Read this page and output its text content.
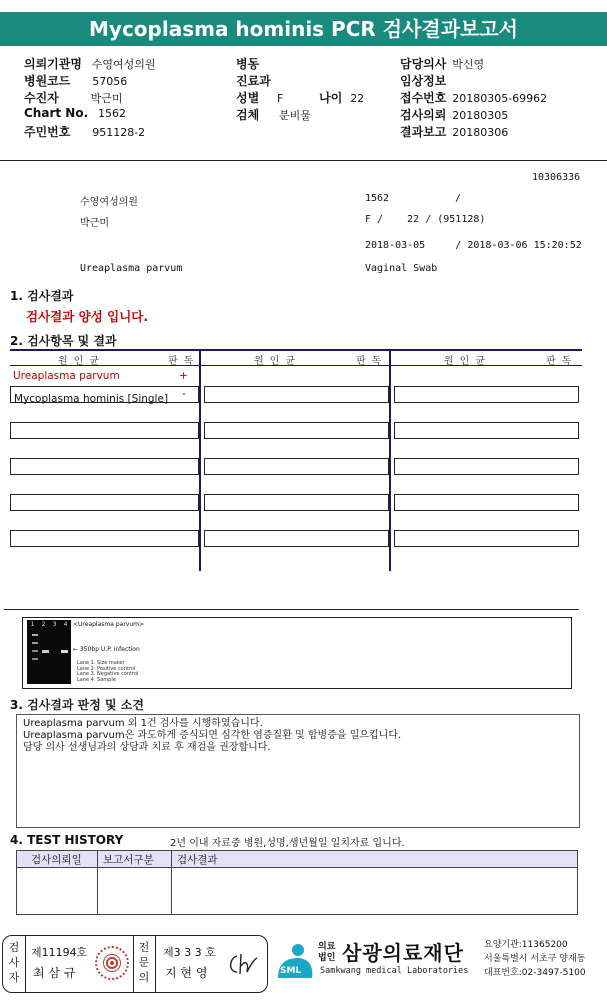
Mycoplasma hominis PCR 검사결과보고서
의뢰기관명 수영여성의원
병원코드 57056
수진자	박근미
Chart No. 1562
주민번호 951128-2
병동
진료과
성별 F	나이 22
검체 분비물
담당의사 박신영
임상정보
접수번호 20180305-69962
검사의뢰 20180305
결과보고 20180306
10306336
수영여성의원	1562	/
박근미	F /    22 / (951128)
2018-03-05     / 2018-03-06 15:20:52
Ureaplasma parvum	Vaginal Swab
1. 검사결과
검사결과 양성 입니다.
2. 검사항목 및 결과
원인균	판독	원인균	판독	원인균	판독
Ureaplasma parvum	+
Mycoplasma hominis [Single] -
1 2 3 4 <Ureaplasma parvum>
← 350bp U.P. infection
Lane 1. Size maker
Lane 2. Positive control
Lane 3. Negative control
Lane 4. Sample
3. 검사결과 판정 및 소견
Ureaplasma parvum 외 1건 검사를 시행하였습니다.
Ureaplasma parvum은 과도하게 증식되면 심각한 염증질환 및 합병증을 일으킵니다.
담당 의사 선생님과의 상담과 치료 후 재검을 권장합니다.
4. TEST HISTORY	2년 이내 자료중 병원,성명,생년월일 일치자료 입니다.
검사의뢰일 보고서구분 검사결과
검사자
제11194호
최 삼 규
전문의
제3 3 3 호
지 현 영	SML
의료
법인 삼광의료재단
Samkwang medical Laboratories
요양기관:11365200
서울특별시 서초구 양재동
대표번호:02-3497-5100
